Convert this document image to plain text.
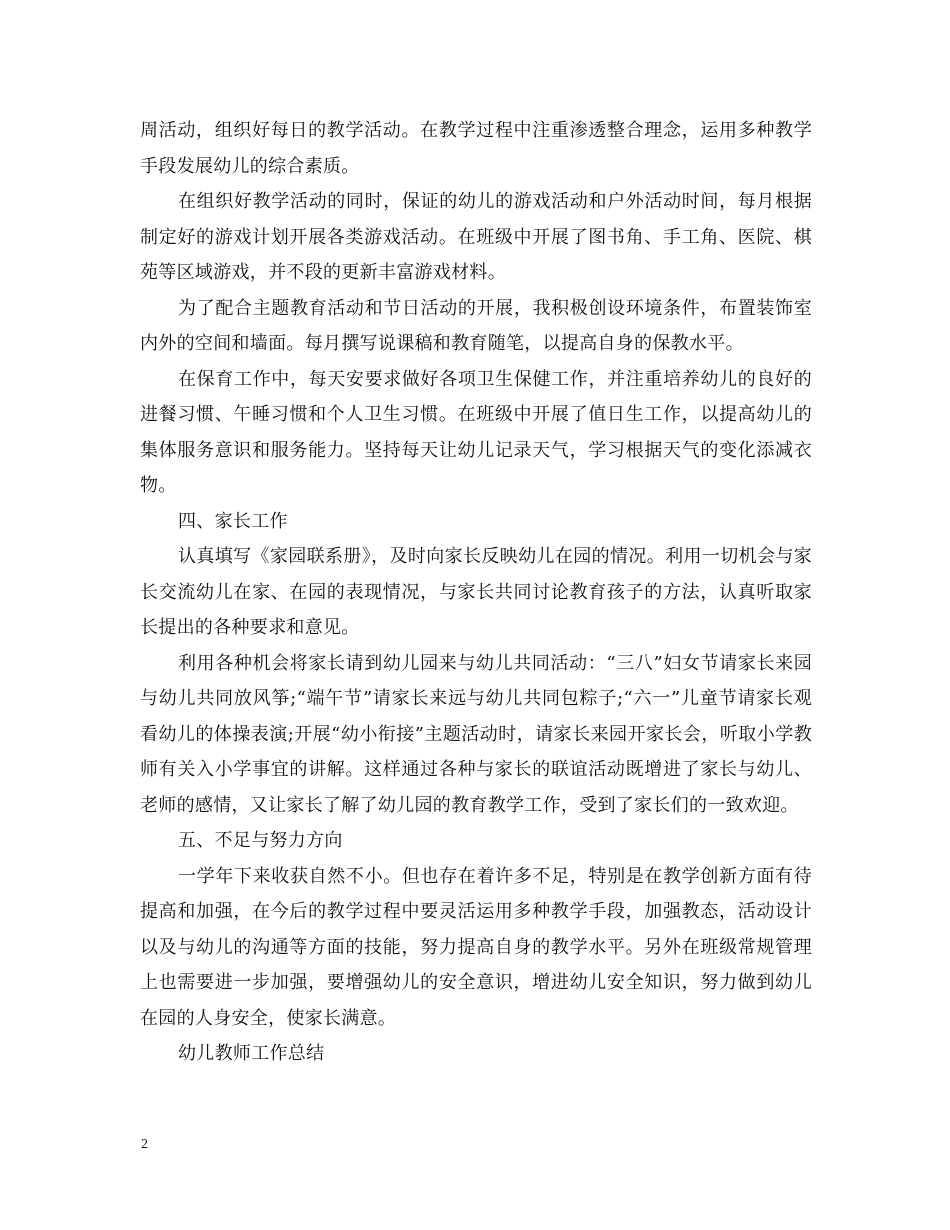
周活动，组织好每日的教学活动。在教学过程中注重渗透整合理念，运用多种教学手段发展幼儿的综合素质。

在组织好教学活动的同时，保证的幼儿的游戏活动和户外活动时间，每月根据制定好的游戏计划开展各类游戏活动。在班级中开展了图书角、手工角、医院、棋苑等区域游戏，并不段的更新丰富游戏材料。

为了配合主题教育活动和节日活动的开展，我积极创设环境条件，布置装饰室内外的空间和墙面。每月撰写说课稿和教育随笔，以提高自身的保教水平。

在保育工作中，每天安要求做好各项卫生保健工作，并注重培养幼儿的良好的进餐习惯、午睡习惯和个人卫生习惯。在班级中开展了值日生工作，以提高幼儿的集体服务意识和服务能力。坚持每天让幼儿记录天气，学习根据天气的变化添减衣物。

四、家长工作

认真填写《家园联系册》，及时向家长反映幼儿在园的情况。利用一切机会与家长交流幼儿在家、在园的表现情况，与家长共同讨论教育孩子的方法，认真听取家长提出的各种要求和意见。

利用各种机会将家长请到幼儿园来与幼儿共同活动：“三八”妇女节请家长来园与幼儿共同放风筝;“端午节”请家长来远与幼儿共同包粽子;“六一”儿童节请家长观看幼儿的体操表演;开展“幼小衔接”主题活动时，请家长来园开家长会，听取小学教师有关入小学事宜的讲解。这样通过各种与家长的联谊活动既增进了家长与幼儿、老师的感情，又让家长了解了幼儿园的教育教学工作，受到了家长们的一致欢迎。

五、不足与努力方向

一学年下来收获自然不小。但也存在着许多不足，特别是在教学创新方面有待提高和加强，在今后的教学过程中要灵活运用多种教学手段，加强教态，活动设计以及与幼儿的沟通等方面的技能，努力提高自身的教学水平。另外在班级常规管理上也需要进一步加强，要增强幼儿的安全意识，增进幼儿安全知识，努力做到幼儿在园的人身安全，使家长满意。

幼儿教师工作总结

2
